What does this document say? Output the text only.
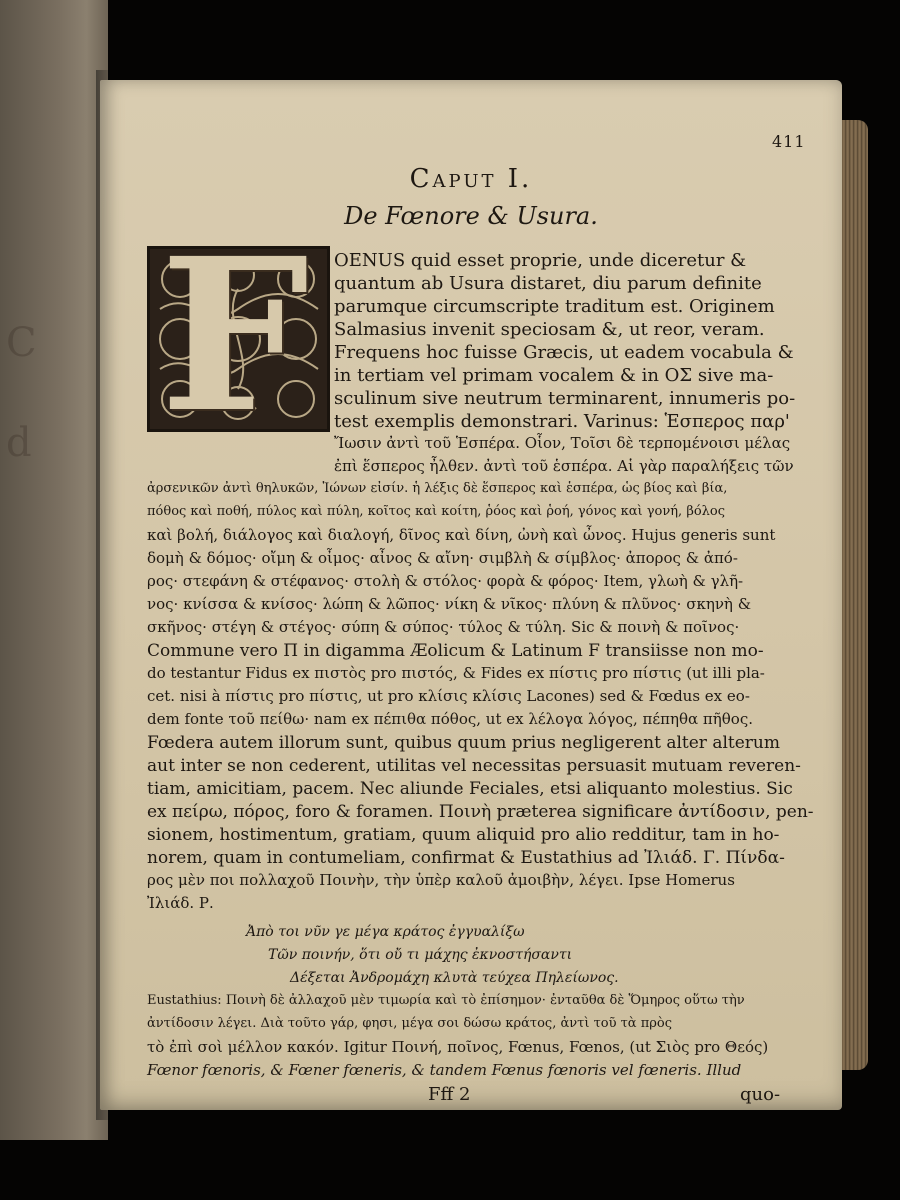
C
d
411
Caput I.
De Fœnore & Usura.
F OENUS quid esset proprie, unde diceretur &
quantum ab Usura distaret, diu parum definite
parumque circumscripte traditum est. Originem
Salmasius invenit speciosam &, ut reor, veram.
Frequens hoc fuisse Græcis, ut eadem vocabula &
in tertiam vel primam vocalem & in ΟΣ sive ma-
sculinum sive neutrum terminarent, innumeris po-
test exemplis demonstrari. Varinus: Ἑσπερος παρ'
Ἴωσιν ἀντὶ τοῦ Ἑσπέρα. Οἷον, Τοῖσι δὲ τερπομένοισι μέλας
ἐπὶ ἕσπερος ἦλθεν. ἀντὶ τοῦ ἑσπέρα. Αἱ γὰρ παραλήξεις τῶν
ἀρσενικῶν ἀντὶ θηλυκῶν, Ἰώνων εἰσίν. ἡ λέξις δὲ ἕσπερος καὶ ἑσπέρα, ὡς βίος καὶ βία,
πόθος καὶ ποθή, πύλος καὶ πύλη, κοῖτος καὶ κοίτη, ῥόος καὶ ῥοή, γόνος καὶ γονή, βόλος
καὶ βολή, διάλογος καὶ διαλογή, δῖνος καὶ δίνη, ὠνὴ καὶ ὦνος. Hujus generis sunt
δομὴ & δόμος· οἴμη & οἶμος· αἶνος & αἴνη· σιμβλὴ & σίμβλος· ἀπορος & ἀπό-
ρος· στεφάνη & στέφανος· στολὴ & στόλος· φορὰ & φόρος· Item, γλωὴ & γλῆ-
νος· κνίσσα & κνίσος· λώπη & λῶπος· νίκη & νῖκος· πλύνη & πλῦνος· σκηνὴ &
σκῆνος· στέγη & στέγος· σύπη & σύπος· τύλος & τύλη. Sic & ποινὴ & ποῖνος·
Commune vero Π in digamma Æolicum & Latinum F transiisse non mo-
do testantur Fidus ex πιστὸς pro πιστός, & Fides ex πίστις pro πίστις (ut illi pla-
cet. nisi à πίστις pro πίστις, ut pro κλίσις κλίσις Lacones) sed & Fœdus ex eo-
dem fonte τοῦ πείθω· nam ex πέπιθα πόθος, ut ex λέλογα λόγος, πέπηθα πῆθος.
Fœdera autem illorum sunt, quibus quum prius negligerent alter alterum
aut inter se non cederent, utilitas vel necessitas persuasit mutuam reveren-
tiam, amicitiam, pacem. Nec aliunde Feciales, etsi aliquanto molestius. Sic
ex πείρω, πόρος, foro & foramen. Ποινὴ præterea significare ἀντίδοσιν, pen-
sionem, hostimentum, gratiam, quum aliquid pro alio redditur, tam in ho-
norem, quam in contumeliam, confirmat & Eustathius ad Ἰλιάδ. Γ. Πίνδα-
ρος μὲν ποι πολλαχοῦ Ποινὴν, τὴν ὑπὲρ καλοῦ ἀμοιβὴν, λέγει. Ipse Homerus
Ἰλιάδ. Ρ.
Ἀπὸ τοι νῦν γε μέγα κράτος ἐγγυαλίξω
Τῶν ποινήν, ὅτι οὔ τι μάχης ἐκνοστήσαντι
Δέξεται Ἀνδρομάχη κλυτὰ τεύχεα Πηλείωνος.
Eustathius: Ποινὴ δὲ ἀλλαχοῦ μὲν τιμωρία καὶ τὸ ἐπίσημον· ἐνταῦθα δὲ Ὅμηρος οὕτω τὴν
ἀντίδοσιν λέγει. Διὰ τοῦτο γάρ, φησι, μέγα σοι δώσω κράτος, ἀντὶ τοῦ τὰ πρὸς
τὸ ἐπὶ σοὶ μέλλον κακόν. Igitur Ποινή, ποῖνος, Fœnus, Fœnos, (ut Σιὸς pro Θεός)
Fœnor fœnoris, & Fœner fœneris, & tandem Fœnus fœnoris vel fœneris. Illud
Fff 2	quo-
